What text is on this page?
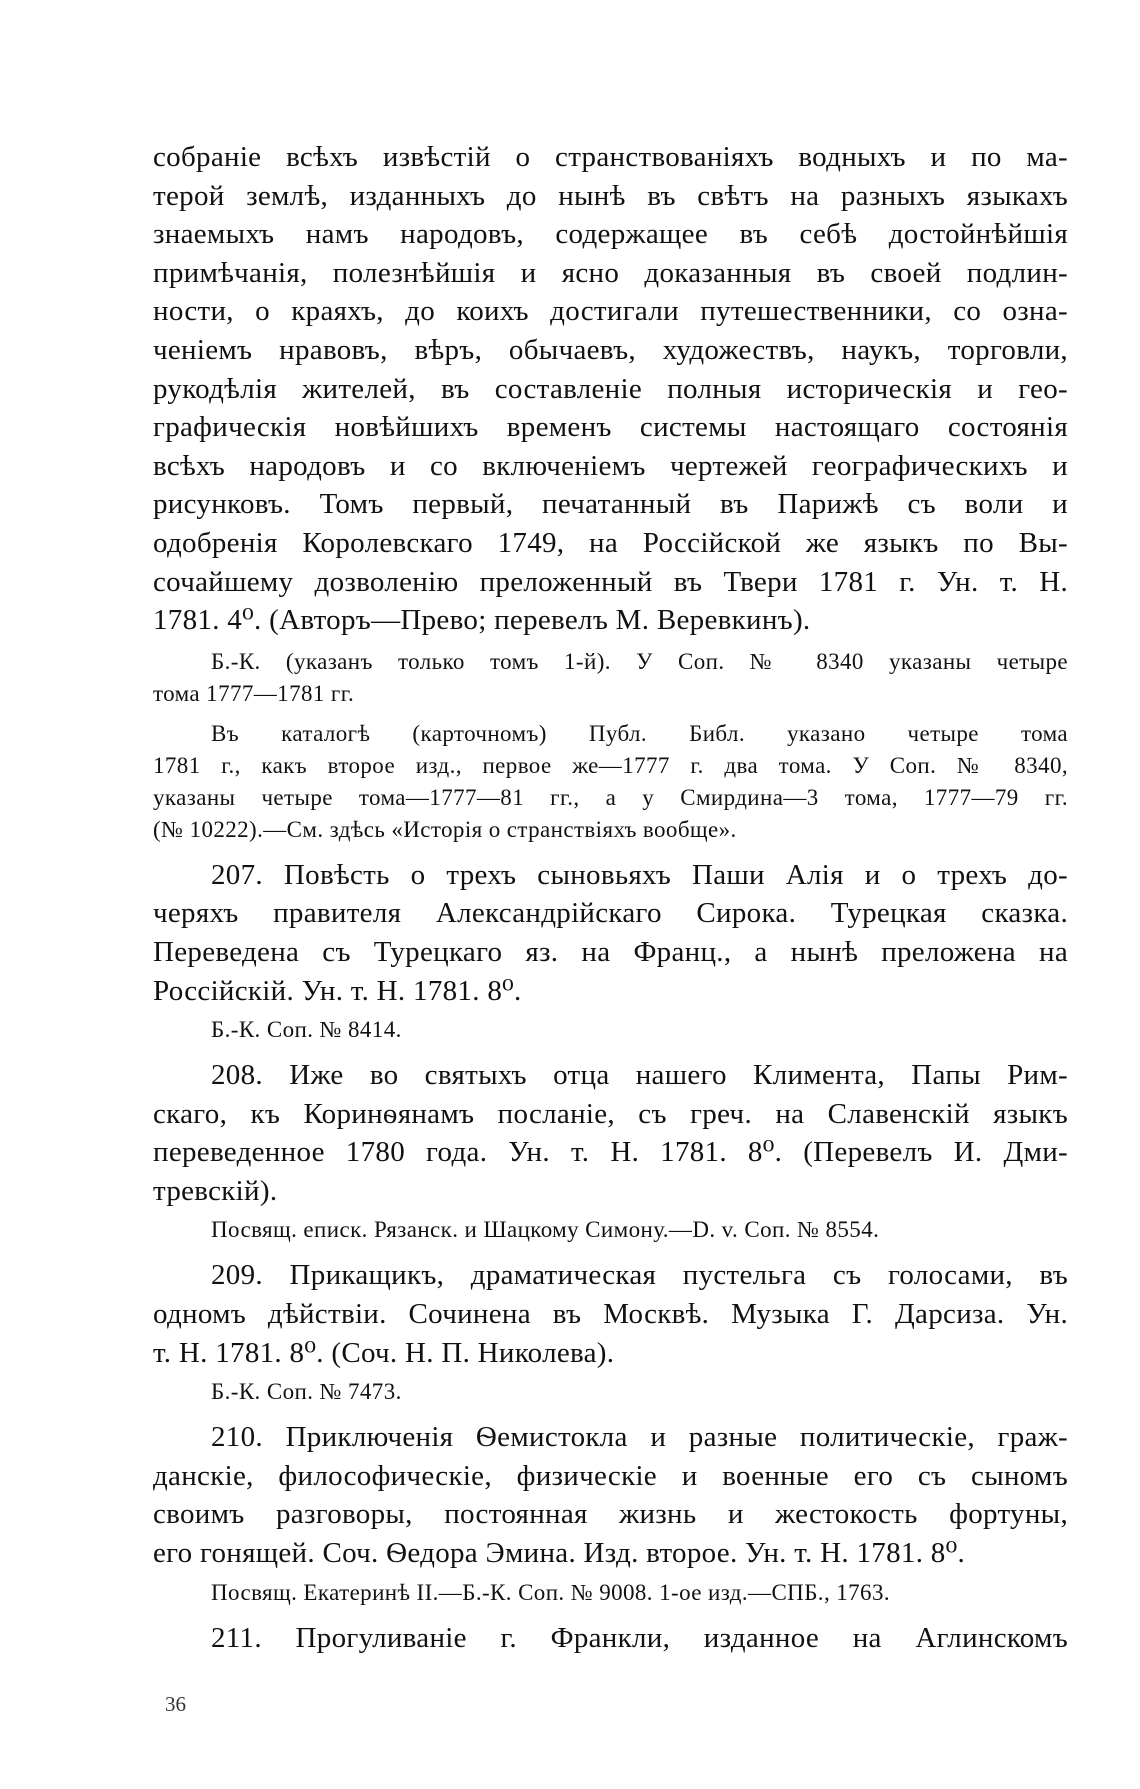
собраніе всѣхъ извѣстій о странствованіяхъ водныхъ и по ма-
терой землѣ, изданныхъ до нынѣ въ свѣтъ на разныхъ языкахъ
знаемыхъ намъ народовъ, содержащее въ себѣ достойнѣйшія
примѣчанія, полезнѣйшія и ясно доказанныя въ своей подлин-
ности, о краяхъ, до коихъ достигали путешественники, со озна-
ченіемъ нравовъ, вѣръ, обычаевъ, художествъ, наукъ, торговли,
рукодѣлія жителей, въ составленіе полныя историческія и гео-
графическія новѣйшихъ временъ системы настоящаго состоянія
всѣхъ народовъ и со включеніемъ чертежей географическихъ и
рисунковъ. Томъ первый, печатанный въ Парижѣ съ воли и
одобренія Королевскаго 1749, на Россійской же языкъ по Вы-
сочайшему дозволенію преложенный въ Твери 1781 г. Ун. т. Н.
1781. 4⁰. (Авторъ—Прево; перевелъ М. Веревкинъ).
Б.-К. (указанъ только томъ 1-й). У Соп. № 8340 указаны четыре
тома 1777—1781 гг.
Въ каталогѣ (карточномъ) Публ. Библ. указано четыре тома
1781 г., какъ второе изд., первое же—1777 г. два тома. У Соп. № 8340,
указаны четыре тома—1777—81 гг., а у Смирдина—3 тома, 1777—79 гг.
(№ 10222).—См. здѣсь «Исторія о странствіяхъ вообще».
207. Повѣсть о трехъ сыновьяхъ Паши Алія и о трехъ до-
черяхъ правителя Александрійскаго Сирока. Турецкая сказка.
Переведена съ Турецкаго яз. на Франц., а нынѣ преложена на
Россійскій. Ун. т. Н. 1781. 8⁰.
Б.-К. Соп. № 8414.
208. Иже во святыхъ отца нашего Климента, Папы Рим-
скаго, къ Коринѳянамъ посланіе, съ греч. на Славенскій языкъ
переведенное 1780 года. Ун. т. Н. 1781. 8⁰. (Перевелъ И. Дми-
тревскій).
Посвящ. еписк. Рязанск. и Шацкому Симону.—D. v. Соп. № 8554.
209. Прикащикъ, драматическая пустельга съ голосами, въ
одномъ дѣйствіи. Сочинена въ Москвѣ. Музыка Г. Дарсиза. Ун.
т. Н. 1781. 8⁰. (Соч. Н. П. Николева).
Б.-К. Соп. № 7473.
210. Приключенія Ѳемистокла и разные политическіе, граж-
данскіе, философическіе, физическіе и военные его съ сыномъ
своимъ разговоры, постоянная жизнь и жестокость фортуны,
его гонящей. Соч. Ѳедора Эмина. Изд. второе. Ун. т. Н. 1781. 8⁰.
Посвящ. Екатеринѣ II.—Б.-К. Соп. № 9008. 1-ое изд.—СПБ., 1763.
211. Прогуливаніе г. Франкли, изданное на Аглинскомъ
36
